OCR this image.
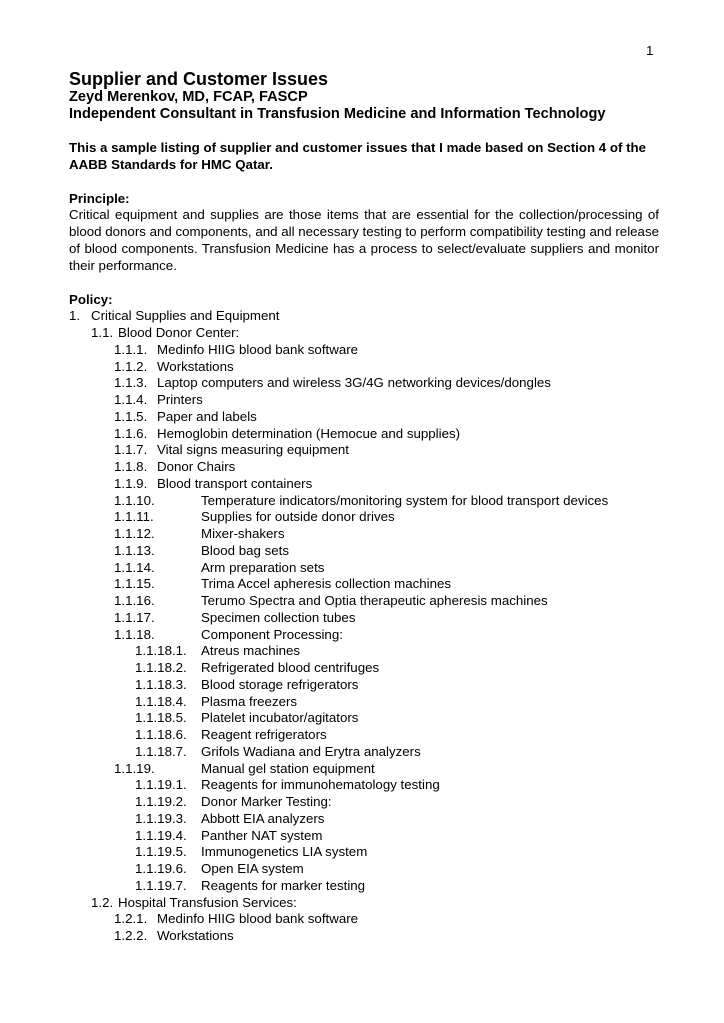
1
Supplier and Customer Issues

Zeyd Merenkov, MD, FCAP, FASCP

Independent Consultant in Transfusion Medicine and Information Technology

This a sample listing of supplier and customer issues that I made based on Section 4 of the AABB Standards for HMC Qatar.

Principle:

Critical equipment and supplies are those items that are essential for the collection/processing of blood donors and components, and all necessary testing to perform compatibility testing and release of blood components. Transfusion Medicine has a process to select/evaluate suppliers and monitor their performance.

Policy:

1. Critical Supplies and Equipment
1.1. Blood Donor Center:
1.1.1. Medinfo HIIG blood bank software
1.1.2. Workstations
1.1.3. Laptop computers and wireless 3G/4G networking devices/dongles
1.1.4. Printers
1.1.5. Paper and labels
1.1.6. Hemoglobin determination (Hemocue and supplies)
1.1.7. Vital signs measuring equipment
1.1.8. Donor Chairs
1.1.9. Blood transport containers
1.1.10.	Temperature indicators/monitoring system for blood transport devices
1.1.11.	Supplies for outside donor drives
1.1.12.	Mixer-shakers
1.1.13.	Blood bag sets
1.1.14.	Arm preparation sets
1.1.15.	Trima Accel apheresis collection machines
1.1.16.	Terumo Spectra and Optia therapeutic apheresis machines
1.1.17.	Specimen collection tubes
1.1.18.	Component Processing:
1.1.18.1. Atreus machines
1.1.18.2. Refrigerated blood centrifuges
1.1.18.3. Blood storage refrigerators
1.1.18.4. Plasma freezers
1.1.18.5. Platelet incubator/agitators
1.1.18.6. Reagent refrigerators
1.1.18.7. Grifols Wadiana and Erytra analyzers
1.1.19.	Manual gel station equipment
1.1.19.1. Reagents for immunohematology testing
1.1.19.2. Donor Marker Testing:
1.1.19.3. Abbott EIA analyzers
1.1.19.4. Panther NAT system
1.1.19.5. Immunogenetics LIA system
1.1.19.6. Open EIA system
1.1.19.7. Reagents for marker testing
1.2. Hospital Transfusion Services:
1.2.1. Medinfo HIIG blood bank software
1.2.2. Workstations
